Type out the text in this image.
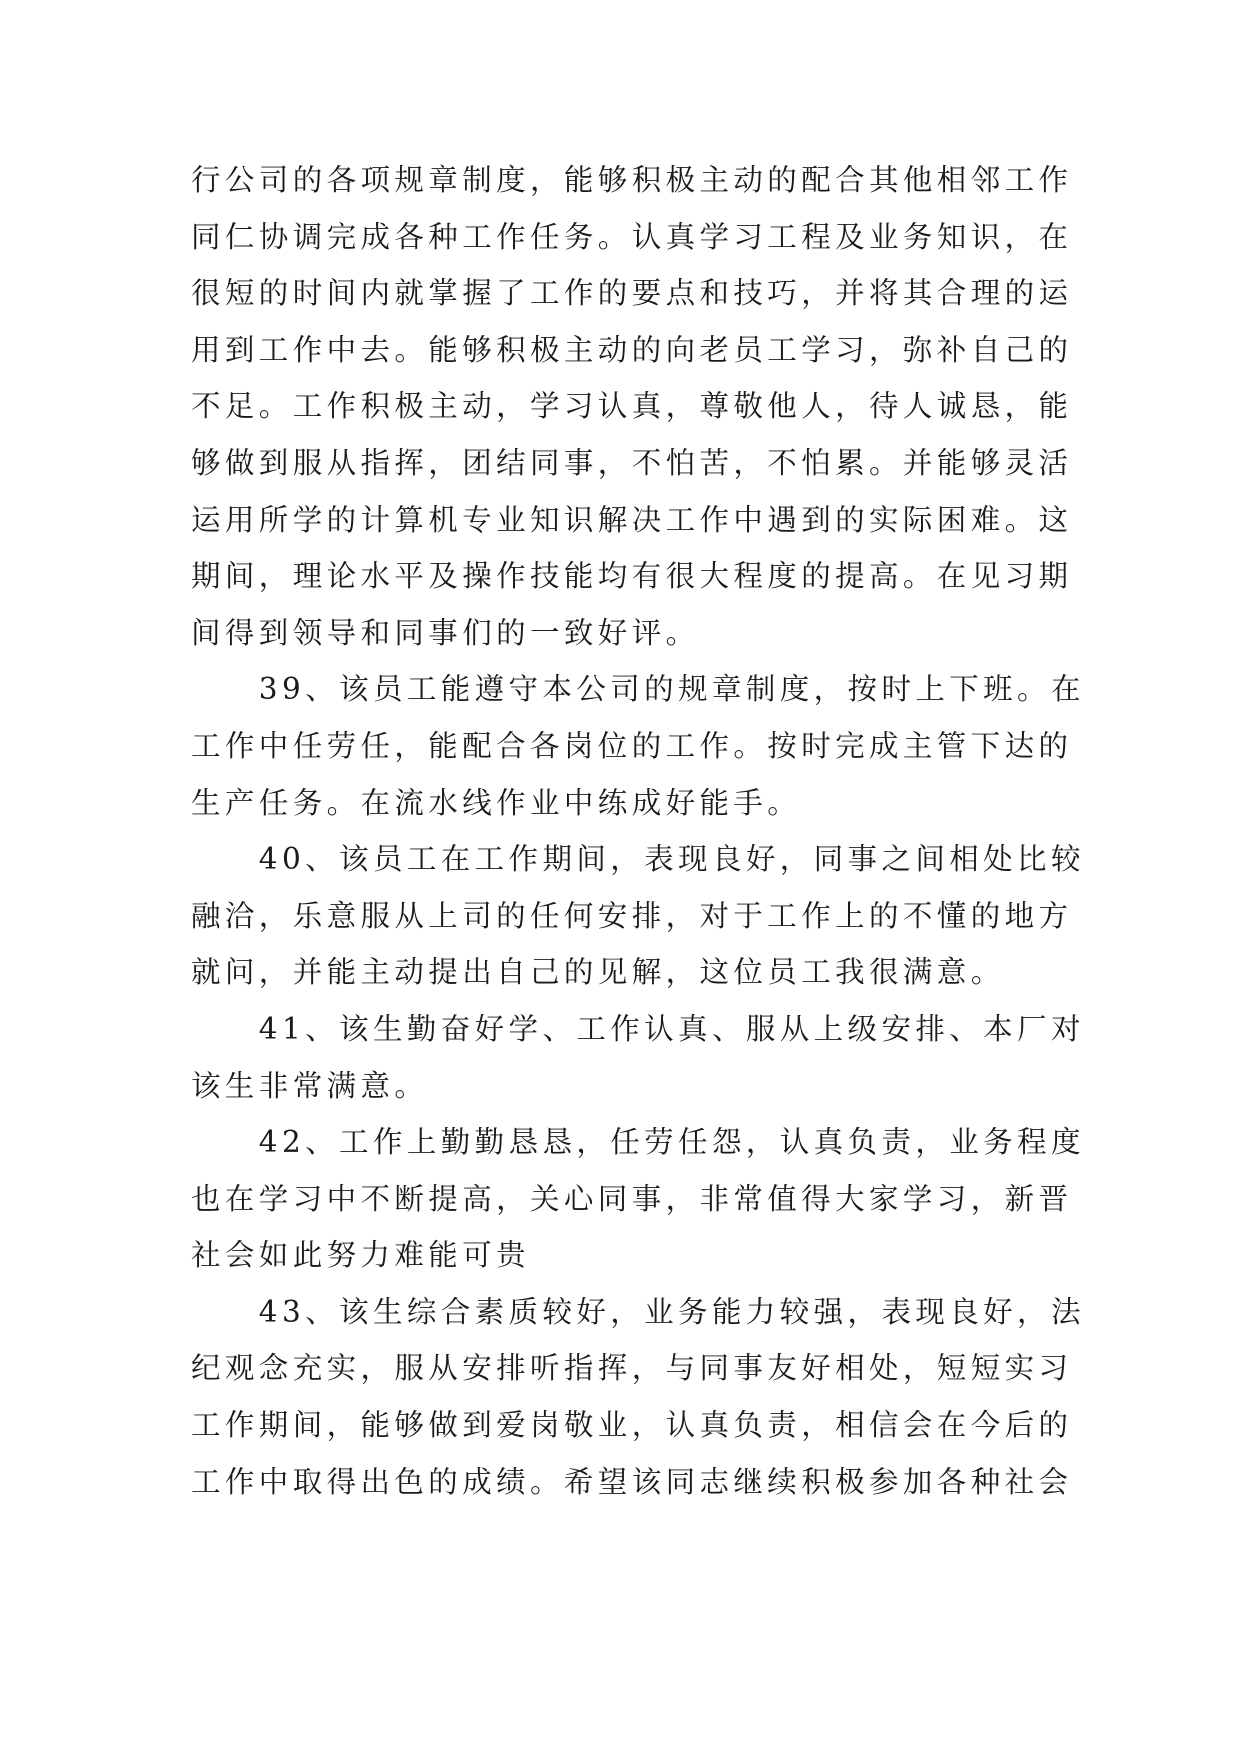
行公司的各项规章制度，能够积极主动的配合其他相邻工作
同仁协调完成各种工作任务。认真学习工程及业务知识，在
很短的时间内就掌握了工作的要点和技巧，并将其合理的运
用到工作中去。能够积极主动的向老员工学习，弥补自己的
不足。工作积极主动，学习认真，尊敬他人，待人诚恳，能
够做到服从指挥，团结同事，不怕苦，不怕累。并能够灵活
运用所学的计算机专业知识解决工作中遇到的实际困难。这
期间，理论水平及操作技能均有很大程度的提高。在见习期
间得到领导和同事们的一致好评。
　　39、该员工能遵守本公司的规章制度，按时上下班。在
工作中任劳任，能配合各岗位的工作。按时完成主管下达的
生产任务。在流水线作业中练成好能手。
　　40、该员工在工作期间，表现良好，同事之间相处比较
融洽，乐意服从上司的任何安排，对于工作上的不懂的地方
就问，并能主动提出自己的见解，这位员工我很满意。
　　41、该生勤奋好学、工作认真、服从上级安排、本厂对
该生非常满意。
　　42、工作上勤勤恳恳，任劳任怨，认真负责，业务程度
也在学习中不断提高，关心同事，非常值得大家学习，新晋
社会如此努力难能可贵
　　43、该生综合素质较好，业务能力较强，表现良好，法
纪观念充实，服从安排听指挥，与同事友好相处，短短实习
工作期间，能够做到爱岗敬业，认真负责，相信会在今后的
工作中取得出色的成绩。希望该同志继续积极参加各种社会
